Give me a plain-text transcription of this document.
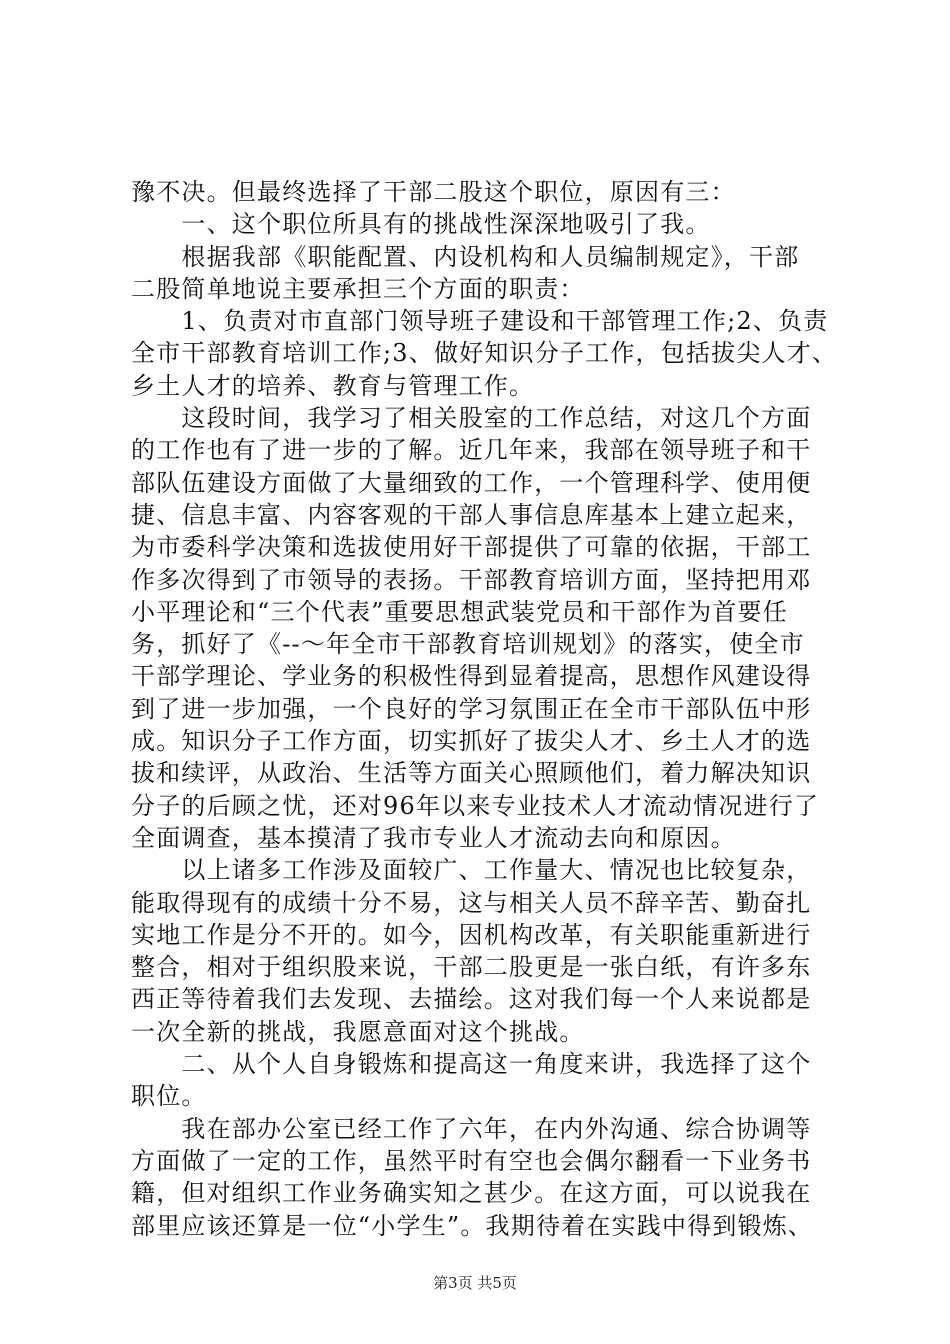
豫不决。但最终选择了干部二股这个职位，原因有三：
　　一、这个职位所具有的挑战性深深地吸引了我。
　　根据我部《职能配置、内设机构和人员编制规定》，干部
二股简单地说主要承担三个方面的职责：
　　1、负责对市直部门领导班子建设和干部管理工作;2、负责
全市干部教育培训工作;3、做好知识分子工作，包括拔尖人才、
乡土人才的培养、教育与管理工作。
　　这段时间，我学习了相关股室的工作总结，对这几个方面
的工作也有了进一步的了解。近几年来，我部在领导班子和干
部队伍建设方面做了大量细致的工作，一个管理科学、使用便
捷、信息丰富、内容客观的干部人事信息库基本上建立起来，
为市委科学决策和选拔使用好干部提供了可靠的依据，干部工
作多次得到了市领导的表扬。干部教育培训方面，坚持把用邓
小平理论和“三个代表”重要思想武装党员和干部作为首要任
务，抓好了《--～年全市干部教育培训规划》的落实，使全市
干部学理论、学业务的积极性得到显着提高，思想作风建设得
到了进一步加强，一个良好的学习氛围正在全市干部队伍中形
成。知识分子工作方面，切实抓好了拔尖人才、乡土人才的选
拔和续评，从政治、生活等方面关心照顾他们，着力解决知识
分子的后顾之忧，还对96年以来专业技术人才流动情况进行了
全面调查，基本摸清了我市专业人才流动去向和原因。
　　以上诸多工作涉及面较广、工作量大、情况也比较复杂，
能取得现有的成绩十分不易，这与相关人员不辞辛苦、勤奋扎
实地工作是分不开的。如今，因机构改革，有关职能重新进行
整合，相对于组织股来说，干部二股更是一张白纸，有许多东
西正等待着我们去发现、去描绘。这对我们每一个人来说都是
一次全新的挑战，我愿意面对这个挑战。
　　二、从个人自身锻炼和提高这一角度来讲，我选择了这个
职位。
　　我在部办公室已经工作了六年，在内外沟通、综合协调等
方面做了一定的工作，虽然平时有空也会偶尔翻看一下业务书
籍，但对组织工作业务确实知之甚少。在这方面，可以说我在
部里应该还算是一位“小学生”。我期待着在实践中得到锻炼、
第3页 共5页
